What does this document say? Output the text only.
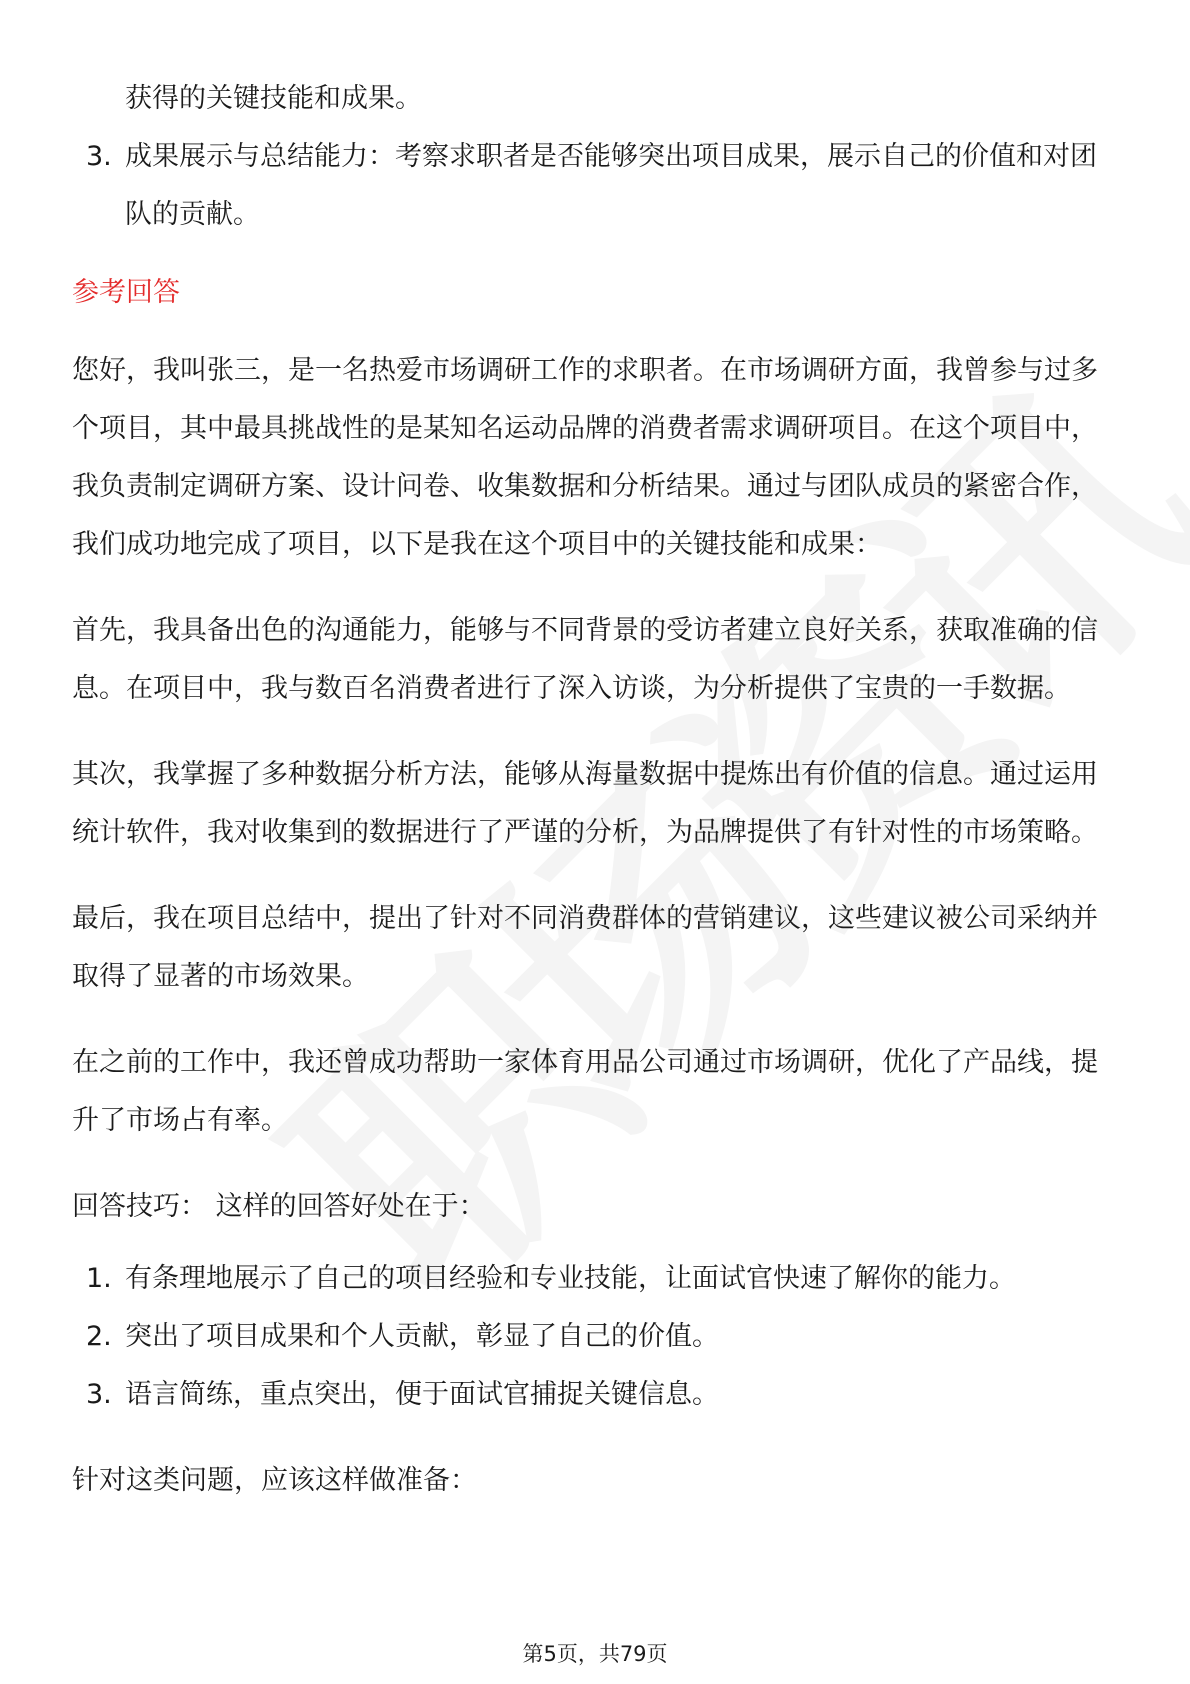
获得的关键技能和成果。
3. 成果展示与总结能力：考察求职者是否能够突出项目成果，展示自己的价值和对团队的贡献。
参考回答

您好，我叫张三，是一名热爱市场调研工作的求职者。在市场调研方面，我曾参与过多个项目，其中最具挑战性的是某知名运动品牌的消费者需求调研项目。在这个项目中，我负责制定调研方案、设计问卷、收集数据和分析结果。通过与团队成员的紧密合作，我们成功地完成了项目，以下是我在这个项目中的关键技能和成果：

首先，我具备出色的沟通能力，能够与不同背景的受访者建立良好关系，获取准确的信息。在项目中，我与数百名消费者进行了深入访谈，为分析提供了宝贵的一手数据。

其次，我掌握了多种数据分析方法，能够从海量数据中提炼出有价值的信息。通过运用统计软件，我对收集到的数据进行了严谨的分析，为品牌提供了有针对性的市场策略。

最后，我在项目总结中，提出了针对不同消费群体的营销建议，这些建议被公司采纳并取得了显著的市场效果。

在之前的工作中，我还曾成功帮助一家体育用品公司通过市场调研，优化了产品线，提升了市场占有率。

回答技巧： 这样的回答好处在于：

1. 有条理地展示了自己的项目经验和专业技能，让面试官快速了解你的能力。
2. 突出了项目成果和个人贡献，彰显了自己的价值。
3. 语言简练，重点突出，便于面试官捕捉关键信息。

针对这类问题，应该这样做准备：

第5页，共79页
